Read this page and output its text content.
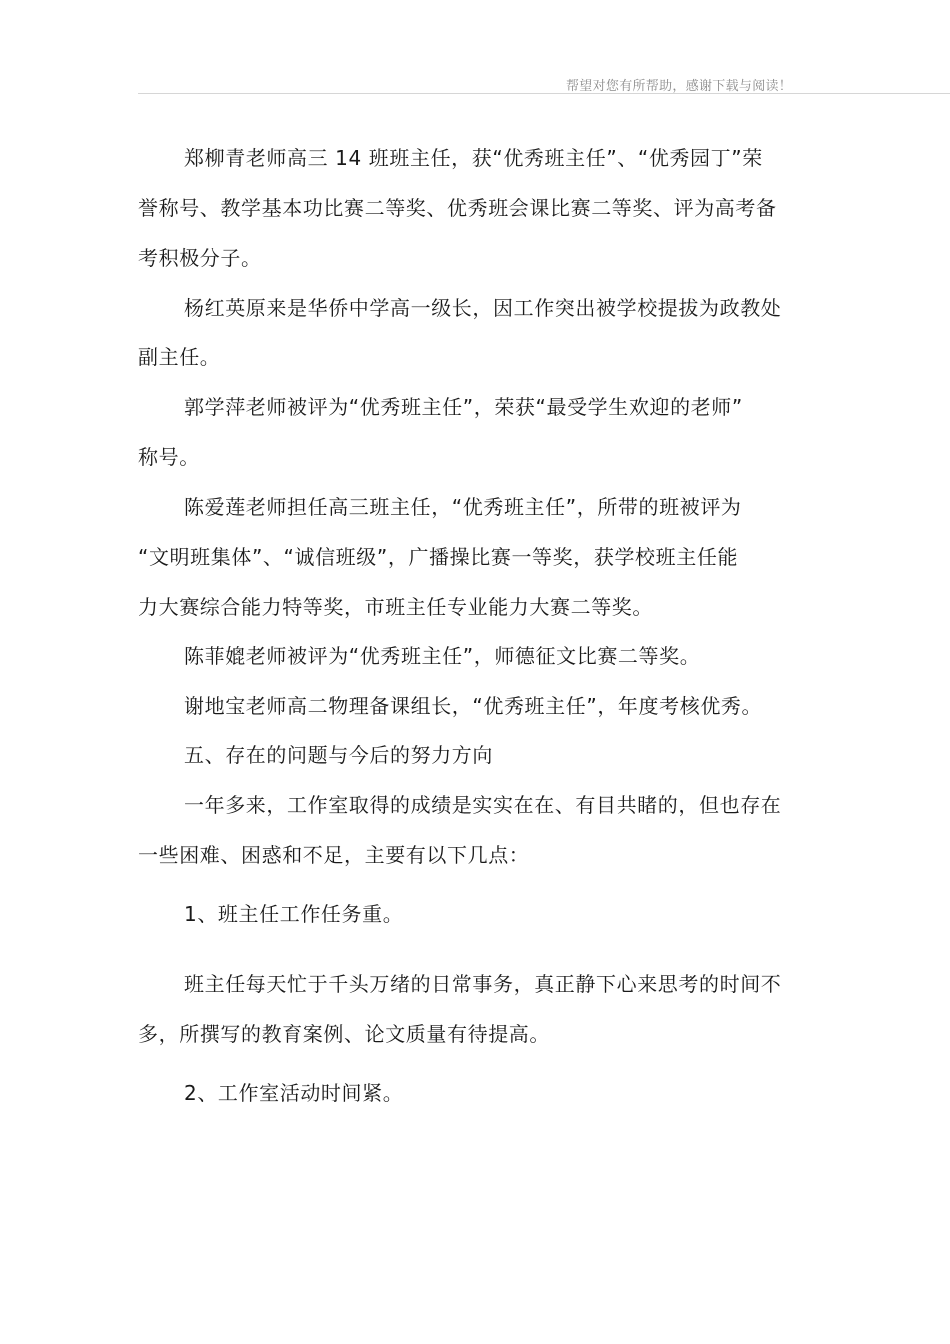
帮望对您有所帮助，感谢下载与阅读！
郑柳青老师高三 14 班班主任，获“优秀班主任”、“优秀园丁”荣
誉称号、教学基本功比赛二等奖、优秀班会课比赛二等奖、评为高考备
考积极分子。
杨红英原来是华侨中学高一级长，因工作突出被学校提拔为政教处
副主任。
郭学萍老师被评为“优秀班主任”，荣获“最受学生欢迎的老师”
称号。
陈爱莲老师担任高三班主任，“优秀班主任”，所带的班被评为
“文明班集体”、“诚信班级”，广播操比赛一等奖，获学校班主任能
力大赛综合能力特等奖，市班主任专业能力大赛二等奖。
陈菲媲老师被评为“优秀班主任”，师德征文比赛二等奖。
谢地宝老师高二物理备课组长，“优秀班主任”，年度考核优秀。
五、存在的问题与今后的努力方向
一年多来，工作室取得的成绩是实实在在、有目共睹的，但也存在
一些困难、困惑和不足，主要有以下几点：
1、班主任工作任务重。
班主任每天忙于千头万绪的日常事务，真正静下心来思考的时间不
多，所撰写的教育案例、论文质量有待提高。
2、工作室活动时间紧。
